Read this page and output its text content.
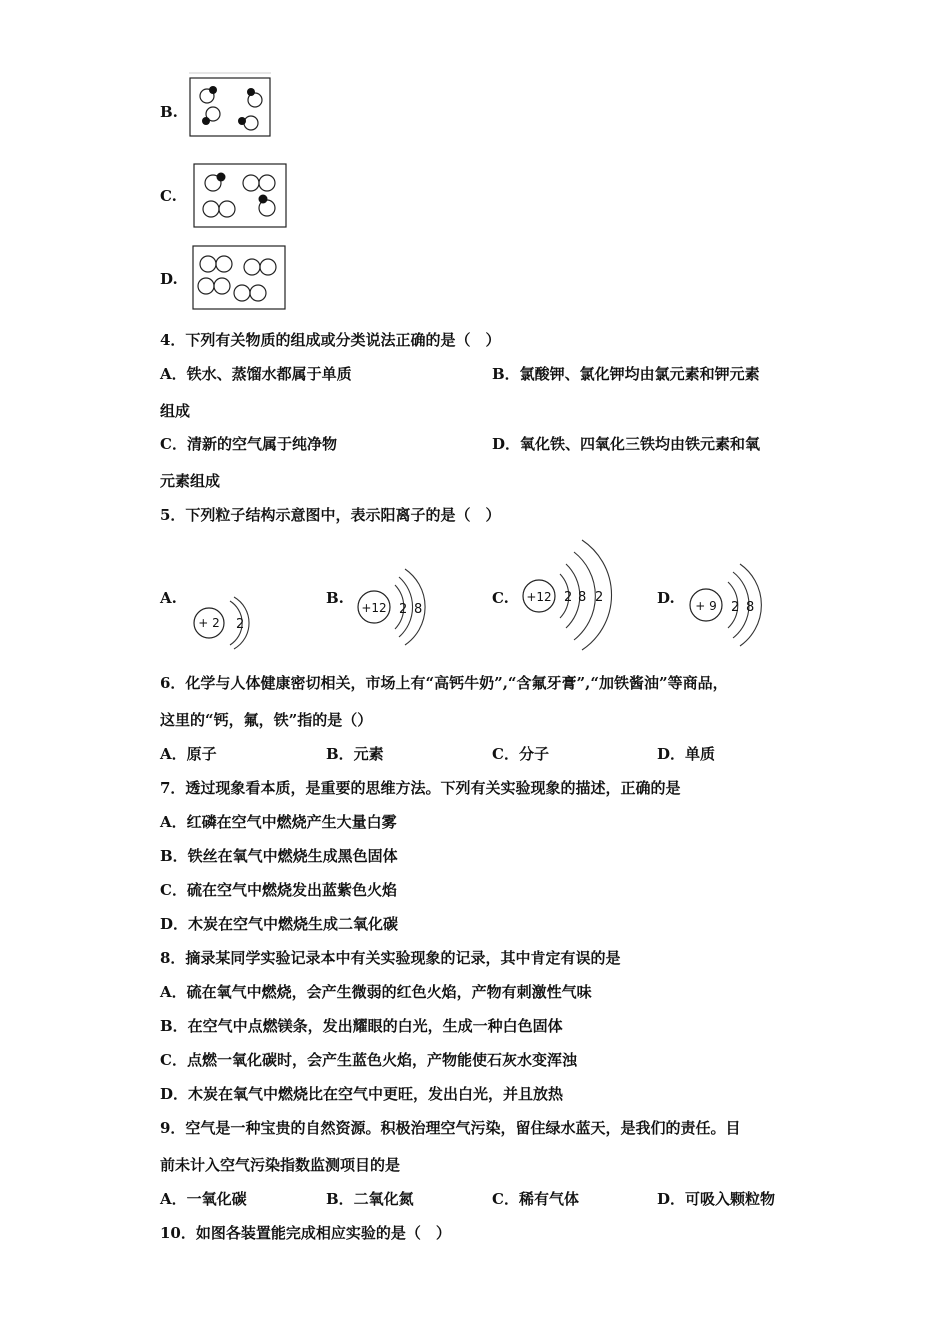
B.
C.
D.
4．下列有关物质的组成或分类说法正确的是（　）
A．铁水、蒸馏水都属于单质	B．氯酸钾、氯化钾均由氯元素和钾元素
组成
C．清新的空气属于纯净物	D．氧化铁、四氧化三铁均由铁元素和氧
元素组成
5．下列粒子结构示意图中，表示阳离子的是（　）
A.
+ 2 2
B.
+12 2 8
C. +12 2 8 2	D. + 9 2 8
6．化学与人体健康密切相关，市场上有“高钙牛奶”,“含氟牙膏”,“加铁酱油”等商品，
这里的“钙，氟，铁”指的是（）
A．原子	B．元素	C．分子	D．单质
7．透过现象看本质，是重要的思维方法。下列有关实验现象的描述，正确的是
A．红磷在空气中燃烧产生大量白雾
B．铁丝在氧气中燃烧生成黑色固体
C．硫在空气中燃烧发出蓝紫色火焰
D．木炭在空气中燃烧生成二氧化碳
8．摘录某同学实验记录本中有关实验现象的记录，其中肯定有误的是
A．硫在氧气中燃烧，会产生微弱的红色火焰，产物有刺激性气味
B．在空气中点燃镁条，发出耀眼的白光，生成一种白色固体
C．点燃一氧化碳时，会产生蓝色火焰，产物能使石灰水变浑浊
D．木炭在氧气中燃烧比在空气中更旺，发出白光，并且放热
9．空气是一种宝贵的自然资源。积极治理空气污染，留住绿水蓝天，是我们的责任。目
前未计入空气污染指数监测项目的是
A．一氧化碳	B．二氧化氮	C．稀有气体	D．可吸入颗粒物
10．如图各装置能完成相应实验的是（　）
